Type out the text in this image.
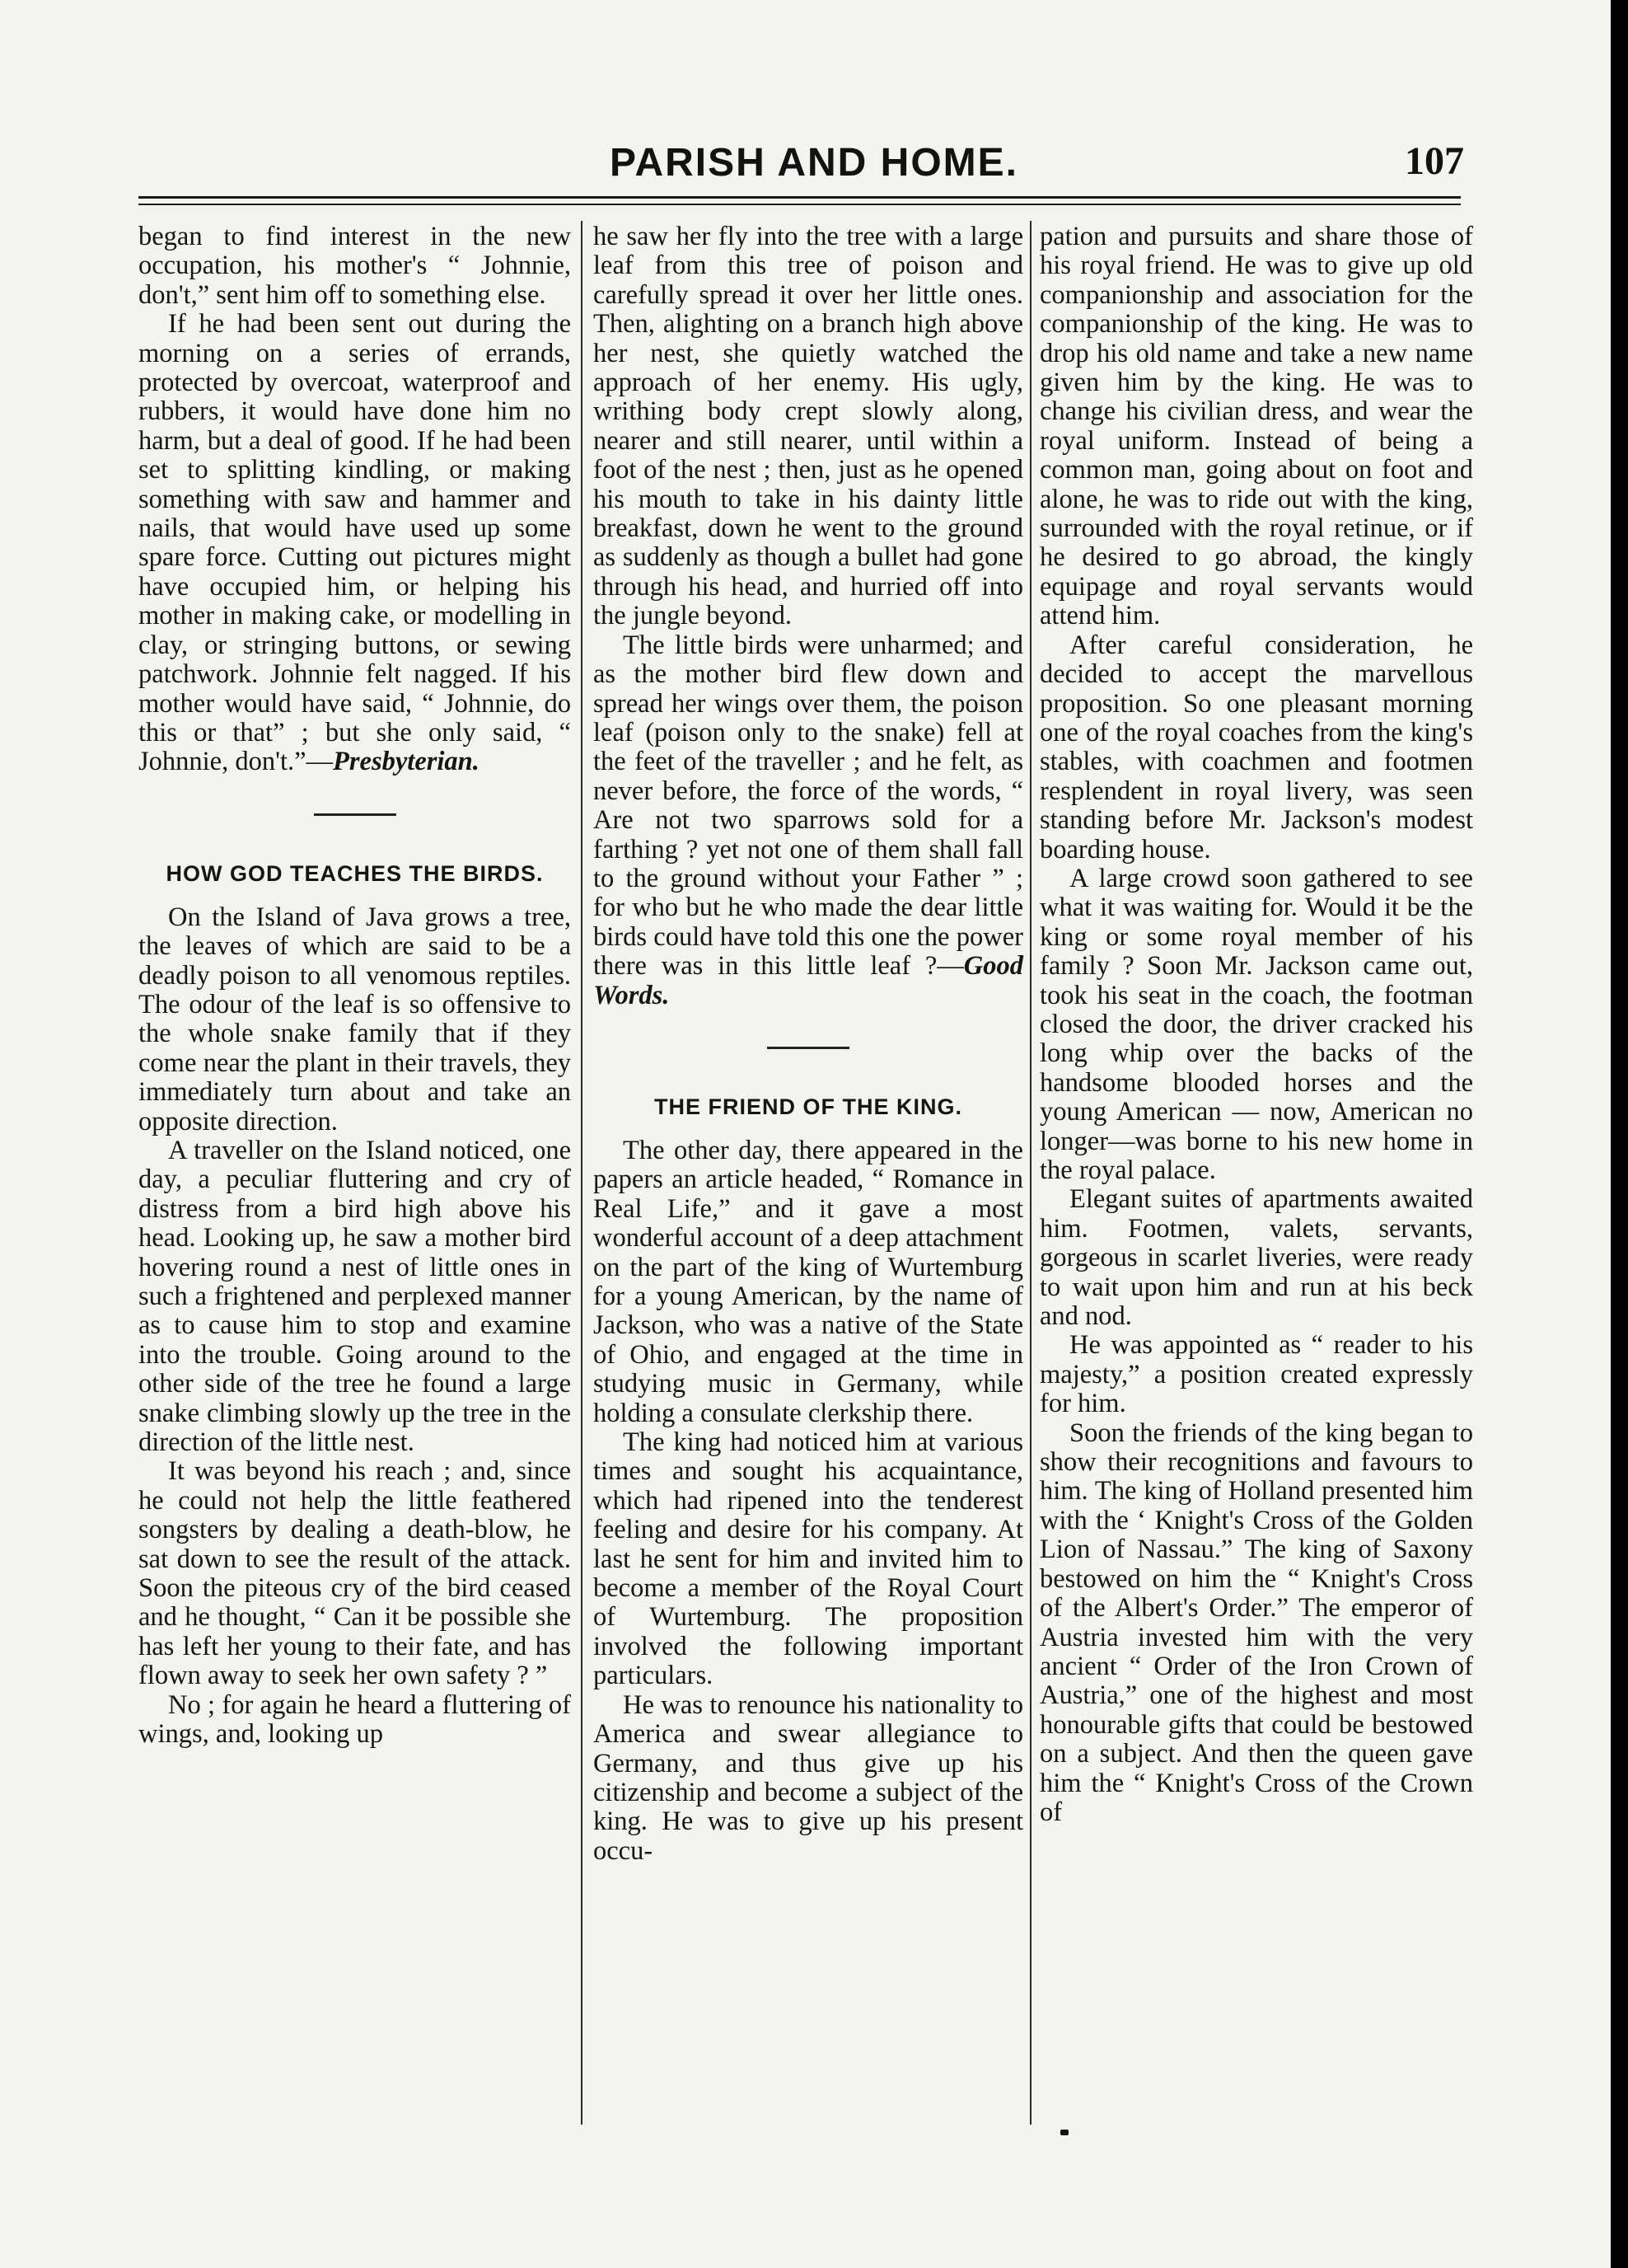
PARISH AND HOME.	107

began to find interest in the new occupation, his mother's “ Johnnie, don't,” sent him off to something else.

If he had been sent out during the morning on a series of errands, protected by overcoat, waterproof and rubbers, it would have done him no harm, but a deal of good. If he had been set to splitting kindling, or making something with saw and hammer and nails, that would have used up some spare force. Cutting out pictures might have occupied him, or helping his mother in making cake, or modelling in clay, or stringing buttons, or sewing patchwork. Johnnie felt nagged. If his mother would have said, “ Johnnie, do this or that” ; but she only said, “ Johnnie, don't.”—Presbyterian.

HOW GOD TEACHES THE BIRDS.

On the Island of Java grows a tree, the leaves of which are said to be a deadly poison to all venomous reptiles. The odour of the leaf is so offensive to the whole snake family that if they come near the plant in their travels, they immediately turn about and take an opposite direction.

A traveller on the Island noticed, one day, a peculiar fluttering and cry of distress from a bird high above his head. Looking up, he saw a mother bird hovering round a nest of little ones in such a frightened and perplexed manner as to cause him to stop and examine into the trouble. Going around to the other side of the tree he found a large snake climbing slowly up the tree in the direction of the little nest.

It was beyond his reach ; and, since he could not help the little feathered songsters by dealing a death-blow, he sat down to see the result of the attack. Soon the piteous cry of the bird ceased and he thought, “ Can it be possible she has left her young to their fate, and has flown away to seek her own safety ? ”

No ; for again he heard a fluttering of wings, and, looking up

he saw her fly into the tree with a large leaf from this tree of poison and carefully spread it over her little ones. Then, alighting on a branch high above her nest, she quietly watched the approach of her enemy. His ugly, writhing body crept slowly along, nearer and still nearer, until within a foot of the nest ; then, just as he opened his mouth to take in his dainty little breakfast, down he went to the ground as suddenly as though a bullet had gone through his head, and hurried off into the jungle beyond.

The little birds were unharmed; and as the mother bird flew down and spread her wings over them, the poison leaf (poison only to the snake) fell at the feet of the traveller ; and he felt, as never before, the force of the words, “ Are not two sparrows sold for a farthing ? yet not one of them shall fall to the ground without your Father ” ; for who but he who made the dear little birds could have told this one the power there was in this little leaf ?—Good Words.

THE FRIEND OF THE KING.

The other day, there appeared in the papers an article headed, “ Romance in Real Life,” and it gave a most wonderful account of a deep attachment on the part of the king of Wurtemburg for a young American, by the name of Jackson, who was a native of the State of Ohio, and engaged at the time in studying music in Germany, while holding a consulate clerkship there.

The king had noticed him at various times and sought his acquaintance, which had ripened into the tenderest feeling and desire for his company. At last he sent for him and invited him to become a member of the Royal Court of Wurtemburg. The proposition involved the following important particulars.

He was to renounce his nationality to America and swear allegiance to Germany, and thus give up his citizenship and become a subject of the king. He was to give up his present occu-

pation and pursuits and share those of his royal friend. He was to give up old companionship and association for the companionship of the king. He was to drop his old name and take a new name given him by the king. He was to change his civilian dress, and wear the royal uniform. Instead of being a common man, going about on foot and alone, he was to ride out with the king, surrounded with the royal retinue, or if he desired to go abroad, the kingly equipage and royal servants would attend him.

After careful consideration, he decided to accept the marvellous proposition. So one pleasant morning one of the royal coaches from the king's stables, with coachmen and footmen resplendent in royal livery, was seen standing before Mr. Jackson's modest boarding house.

A large crowd soon gathered to see what it was waiting for. Would it be the king or some royal member of his family ? Soon Mr. Jackson came out, took his seat in the coach, the footman closed the door, the driver cracked his long whip over the backs of the handsome blooded horses and the young American — now, American no longer—was borne to his new home in the royal palace.

Elegant suites of apartments awaited him. Footmen, valets, servants, gorgeous in scarlet liveries, were ready to wait upon him and run at his beck and nod.

He was appointed as “ reader to his majesty,” a position created expressly for him.

Soon the friends of the king began to show their recognitions and favours to him. The king of Holland presented him with the ‘ Knight's Cross of the Golden Lion of Nassau.” The king of Saxony bestowed on him the “ Knight's Cross of the Albert's Order.” The emperor of Austria invested him with the very ancient “ Order of the Iron Crown of Austria,” one of the highest and most honourable gifts that could be bestowed on a subject. And then the queen gave him the “ Knight's Cross of the Crown of
